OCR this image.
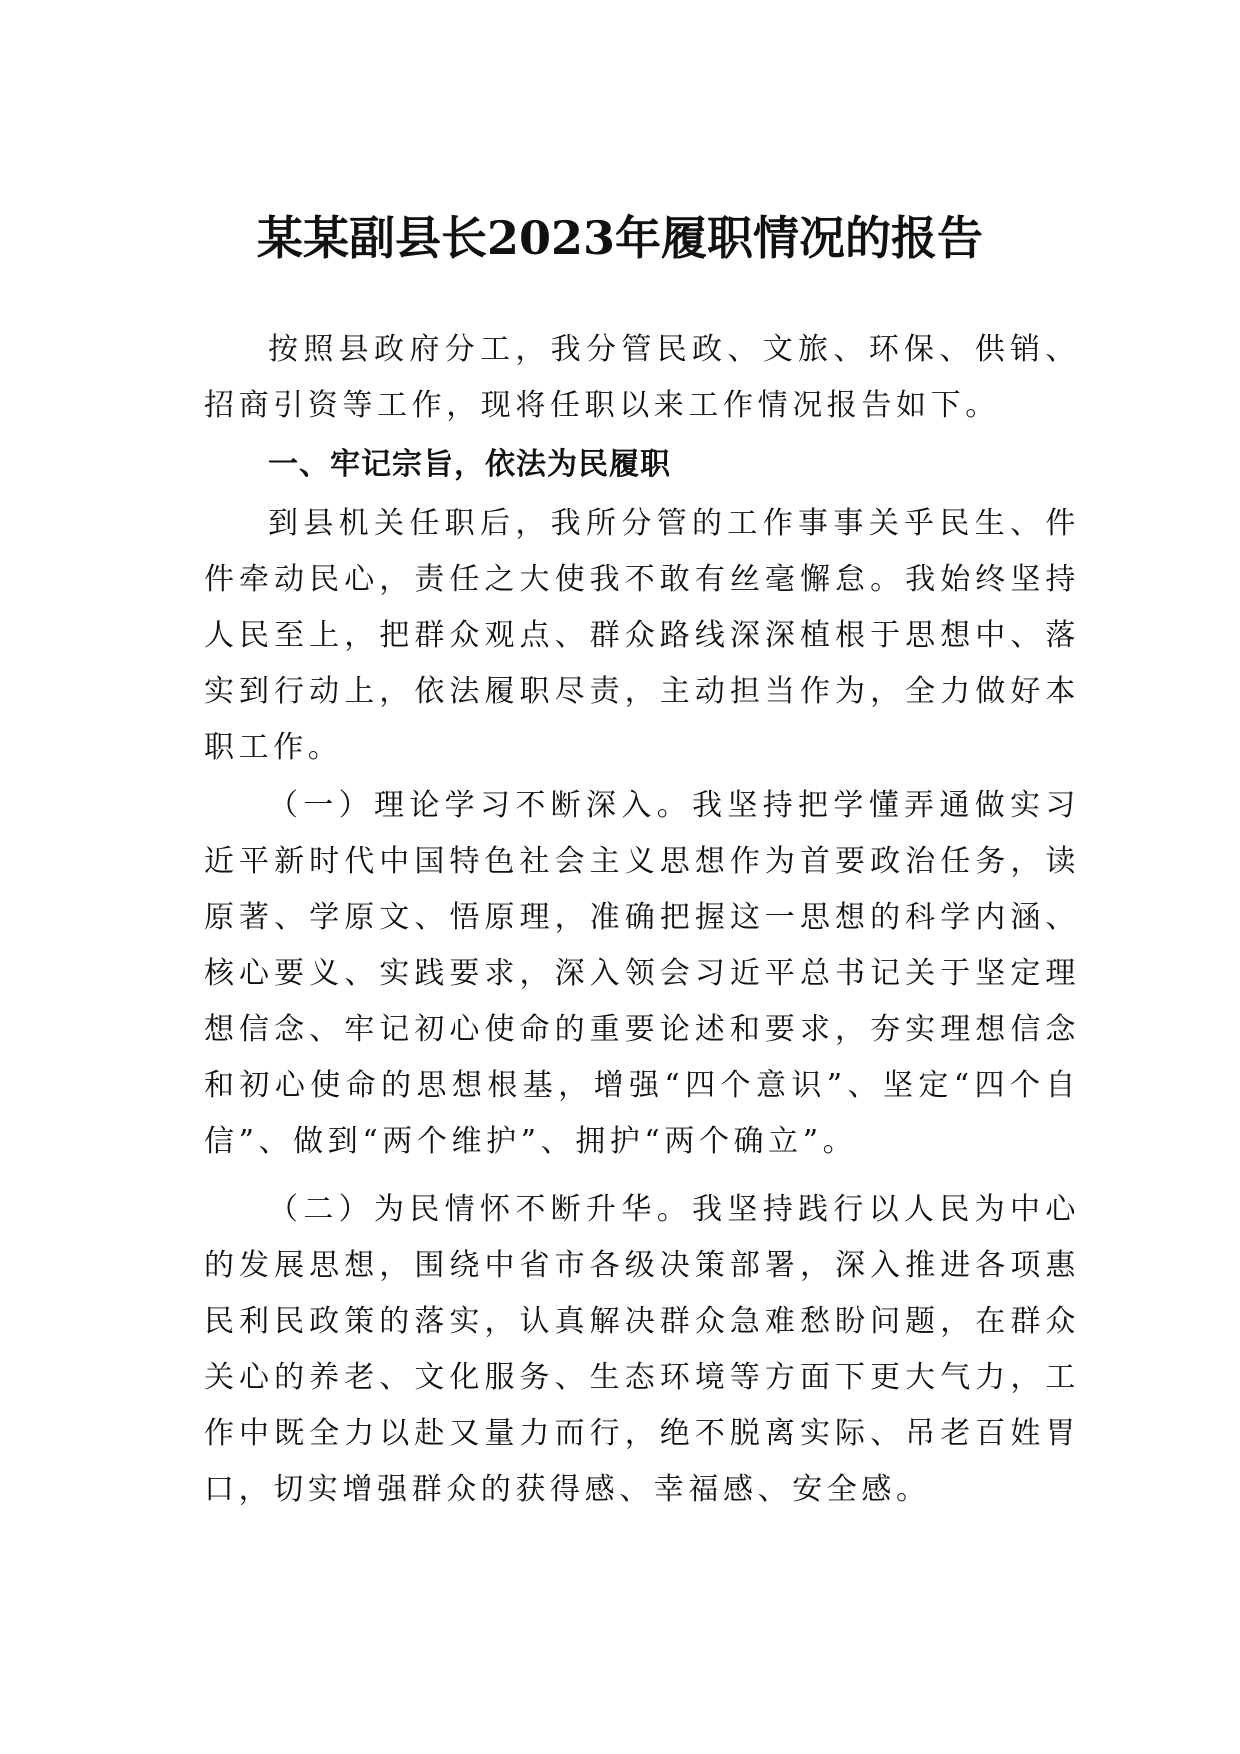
某某副县长2023年履职情况的报告

按照县政府分工，我分管民政、文旅、环保、供销、招商引资等工作，现将任职以来工作情况报告如下。

一、牢记宗旨，依法为民履职

到县机关任职后，我所分管的工作事事关乎民生、件件牵动民心，责任之大使我不敢有丝毫懈怠。我始终坚持人民至上，把群众观点、群众路线深深植根于思想中、落实到行动上，依法履职尽责，主动担当作为，全力做好本职工作。

（一）理论学习不断深入。我坚持把学懂弄通做实习近平新时代中国特色社会主义思想作为首要政治任务，读原著、学原文、悟原理，准确把握这一思想的科学内涵、核心要义、实践要求，深入领会习近平总书记关于坚定理想信念、牢记初心使命的重要论述和要求，夯实理想信念和初心使命的思想根基，增强“四个意识”、坚定“四个自信”、做到“两个维护”、拥护“两个确立”。

（二）为民情怀不断升华。我坚持践行以人民为中心的发展思想，围绕中省市各级决策部署，深入推进各项惠民利民政策的落实，认真解决群众急难愁盼问题，在群众关心的养老、文化服务、生态环境等方面下更大气力，工作中既全力以赴又量力而行，绝不脱离实际、吊老百姓胃口，切实增强群众的获得感、幸福感、安全感。
